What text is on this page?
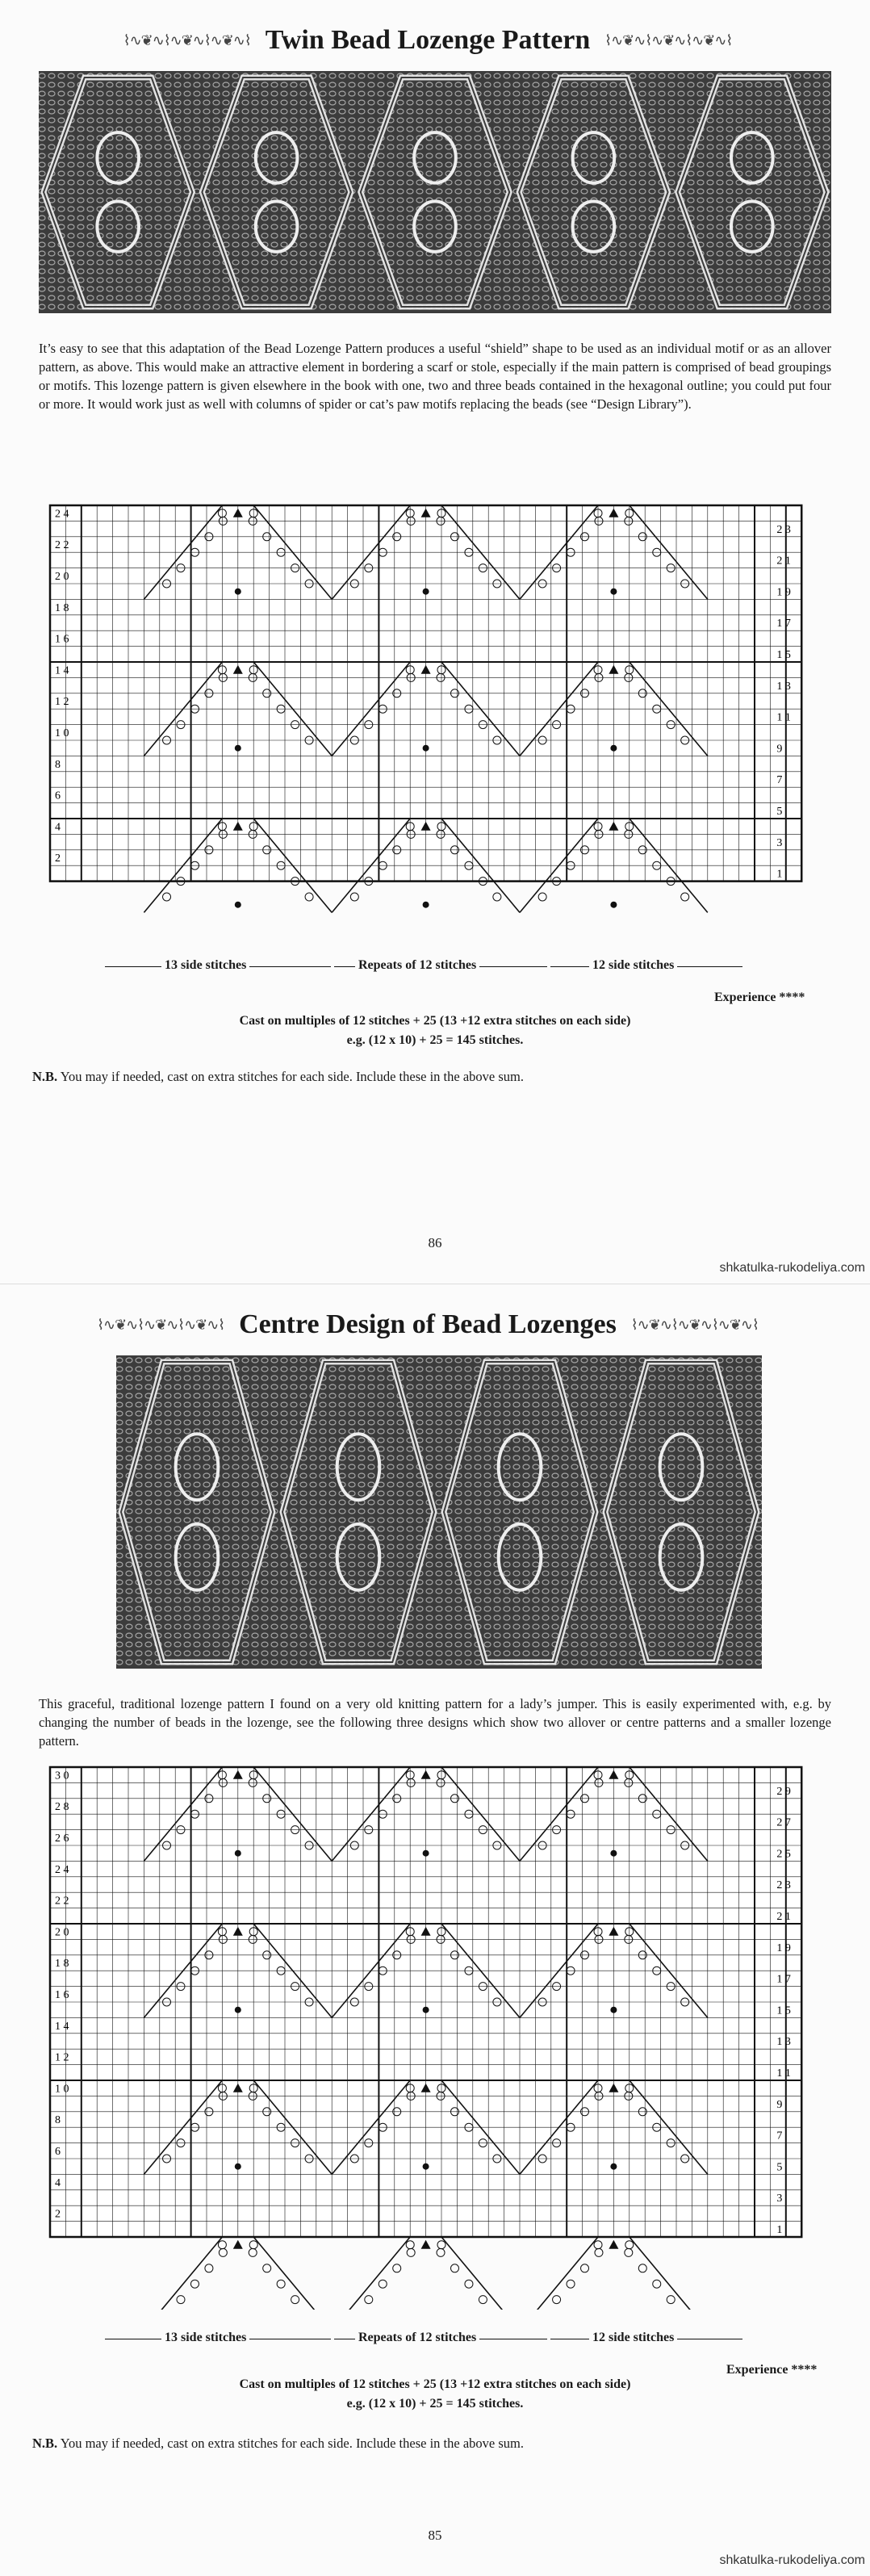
⌇∿❦∿⌇∿❦∿⌇∿❦∿⌇ Twin Bead Lozenge Pattern ⌇∿❦∿⌇∿❦∿⌇∿❦∿⌇
It’s easy to see that this adaptation of the Bead Lozenge Pattern produces a useful “shield” shape to be used as an individual motif or as an allover pattern, as above. This would make an attractive element in bordering a scarf or stole, especially if the main pattern is comprised of bead groupings or motifs. This lozenge pattern is given elsewhere in the book with one, two and three beads contained in the hexagonal outline; you could put four or more. It would work just as well with columns of spider or cat’s paw motifs replacing the beads (see “Design Library”).
2 4
2 2
2 0
1 8
1 6
1 4
1 2
1 0
8
6
4
2
2 3
2 1
1 9
1 7
1 5
1 3
1 1
9
7
5
3
1
13 side stitches	Repeats of 12 stitches	12 side stitches
Experience ****
Cast on multiples of 12 stitches + 25 (13 +12 extra stitches on each side)
e.g. (12 x 10) + 25 = 145 stitches.
N.B. You may if needed, cast on extra stitches for each side. Include these in the above sum.
86
shkatulka-rukodeliya.com
⌇∿❦∿⌇∿❦∿⌇∿❦∿⌇ Centre Design of Bead Lozenges ⌇∿❦∿⌇∿❦∿⌇∿❦∿⌇
This graceful, traditional lozenge pattern I found on a very old knitting pattern for a lady’s jumper. This is easily experimented with, e.g. by changing the number of beads in the lozenge, see the following three designs which show two allover or centre patterns and a smaller lozenge pattern.
3 0
2 8
2 6
2 4
2 2
2 0
1 8
1 6
1 4
1 2
1 0
8
6
4
2
2 9
2 7
2 5
2 3
2 1
1 9
1 7
1 5
1 3
1 1
9
7
5
3
1
13 side stitches	Repeats of 12 stitches	12 side stitches
Experience ****
Cast on multiples of 12 stitches + 25 (13 +12 extra stitches on each side)
e.g. (12 x 10) + 25 = 145 stitches.
N.B. You may if needed, cast on extra stitches for each side. Include these in the above sum.
85
shkatulka-rukodeliya.com
